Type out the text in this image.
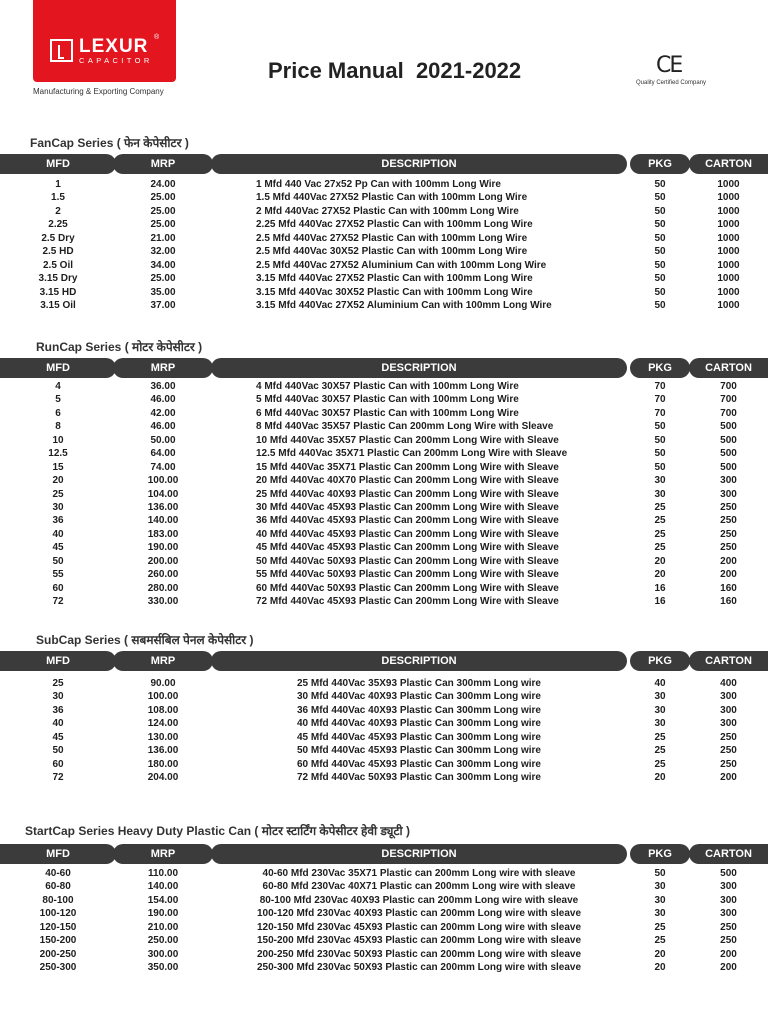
LEXUR ®
CAPACITOR
Manufacturing & Exporting Company
Price Manual  2021-2022	CE
Quality Certified Company
FanCap Series ( फेन केपेसीटर )
MFD	MRP	DESCRIPTION	PKG	CARTON
1	24.00	1 Mfd 440 Vac 27x52 Pp Can with 100mm Long Wire	50	1000
1.5	25.00	1.5 Mfd 440Vac 27X52 Plastic Can with 100mm Long Wire	50	1000
2	25.00	2 Mfd 440Vac 27X52 Plastic Can with 100mm Long Wire	50	1000
2.25	25.00	2.25 Mfd 440Vac 27X52 Plastic Can with 100mm Long Wire	50	1000
2.5 Dry	21.00	2.5 Mfd 440Vac 27X52 Plastic Can with 100mm Long Wire	50	1000
2.5 HD	32.00	2.5 Mfd 440Vac 30X52 Plastic Can with 100mm Long Wire	50	1000
2.5 Oil	34.00	2.5 Mfd 440Vac 27X52 Aluminium Can with 100mm Long Wire	50	1000
3.15 Dry	25.00	3.15 Mfd 440Vac 27X52 Plastic Can with 100mm Long Wire	50	1000
3.15 HD	35.00	3.15 Mfd 440Vac 30X52 Plastic Can with 100mm Long Wire	50	1000
3.15 Oil	37.00	3.15 Mfd 440Vac 27X52 Aluminium Can with 100mm Long Wire	50	1000
RunCap Series ( मोटर केपेसीटर )
MFD	MRP	DESCRIPTION	PKG	CARTON
4	36.00	4 Mfd 440Vac 30X57 Plastic Can with 100mm Long Wire	70	700
5	46.00	5 Mfd 440Vac 30X57 Plastic Can with 100mm Long Wire	70	700
6	42.00	6 Mfd 440Vac 30X57 Plastic Can with 100mm Long Wire	70	700
8	46.00	8 Mfd 440Vac 35X57 Plastic Can 200mm Long Wire with Sleave	50	500
10	50.00	10 Mfd 440Vac 35X57 Plastic Can 200mm Long Wire with Sleave	50	500
12.5	64.00	12.5 Mfd 440Vac 35X71 Plastic Can 200mm Long Wire with Sleave	50	500
15	74.00	15 Mfd 440Vac 35X71 Plastic Can 200mm Long Wire with Sleave	50	500
20	100.00	20 Mfd 440Vac 40X70 Plastic Can 200mm Long Wire with Sleave	30	300
25	104.00	25 Mfd 440Vac 40X93 Plastic Can 200mm Long Wire with Sleave	30	300
30	136.00	30 Mfd 440Vac 45X93 Plastic Can 200mm Long Wire with Sleave	25	250
36	140.00	36 Mfd 440Vac 45X93 Plastic Can 200mm Long Wire with Sleave	25	250
40	183.00	40 Mfd 440Vac 45X93 Plastic Can 200mm Long Wire with Sleave	25	250
45	190.00	45 Mfd 440Vac 45X93 Plastic Can 200mm Long Wire with Sleave	25	250
50	200.00	50 Mfd 440Vac 50X93 Plastic Can 200mm Long Wire with Sleave	20	200
55	260.00	55 Mfd 440Vac 50X93 Plastic Can 200mm Long Wire with Sleave	20	200
60	280.00	60 Mfd 440Vac 50X93 Plastic Can 200mm Long Wire with Sleave	16	160
72	330.00	72 Mfd 440Vac 45X93 Plastic Can 200mm Long Wire with Sleave	16	160
SubCap Series ( सबमर्सबिल पेनल केपेसीटर )
MFD	MRP	DESCRIPTION	PKG	CARTON
25	90.00	25 Mfd 440Vac 35X93 Plastic Can 300mm Long wire	40	400
30	100.00	30 Mfd 440Vac 40X93 Plastic Can 300mm Long wire	30	300
36	108.00	36 Mfd 440Vac 40X93 Plastic Can 300mm Long wire	30	300
40	124.00	40 Mfd 440Vac 40X93 Plastic Can 300mm Long wire	30	300
45	130.00	45 Mfd 440Vac 45X93 Plastic Can 300mm Long wire	25	250
50	136.00	50 Mfd 440Vac 45X93 Plastic Can 300mm Long wire	25	250
60	180.00	60 Mfd 440Vac 45X93 Plastic Can 300mm Long wire	25	250
72	204.00	72 Mfd 440Vac 50X93 Plastic Can 300mm Long wire	20	200
StartCap Series Heavy Duty Plastic Can ( मोटर स्टार्टिंग केपेसीटर हेवी ड्यूटी )
MFD	MRP	DESCRIPTION	PKG	CARTON
40-60	110.00	40-60 Mfd 230Vac 35X71 Plastic can 200mm Long wire with sleave	50	500
60-80	140.00	60-80 Mfd 230Vac 40X71 Plastic can 200mm Long wire with sleave	30	300
80-100	154.00	80-100 Mfd 230Vac 40X93 Plastic can 200mm Long wire with sleave	30	300
100-120	190.00	100-120 Mfd 230Vac 40X93 Plastic can 200mm Long wire with sleave	30	300
120-150	210.00	120-150 Mfd 230Vac 45X93 Plastic can 200mm Long wire with sleave	25	250
150-200	250.00	150-200 Mfd 230Vac 45X93 Plastic can 200mm Long wire with sleave	25	250
200-250	300.00	200-250 Mfd 230Vac 50X93 Plastic can 200mm Long wire with sleave	20	200
250-300	350.00	250-300 Mfd 230Vac 50X93 Plastic can 200mm Long wire with sleave	20	200
